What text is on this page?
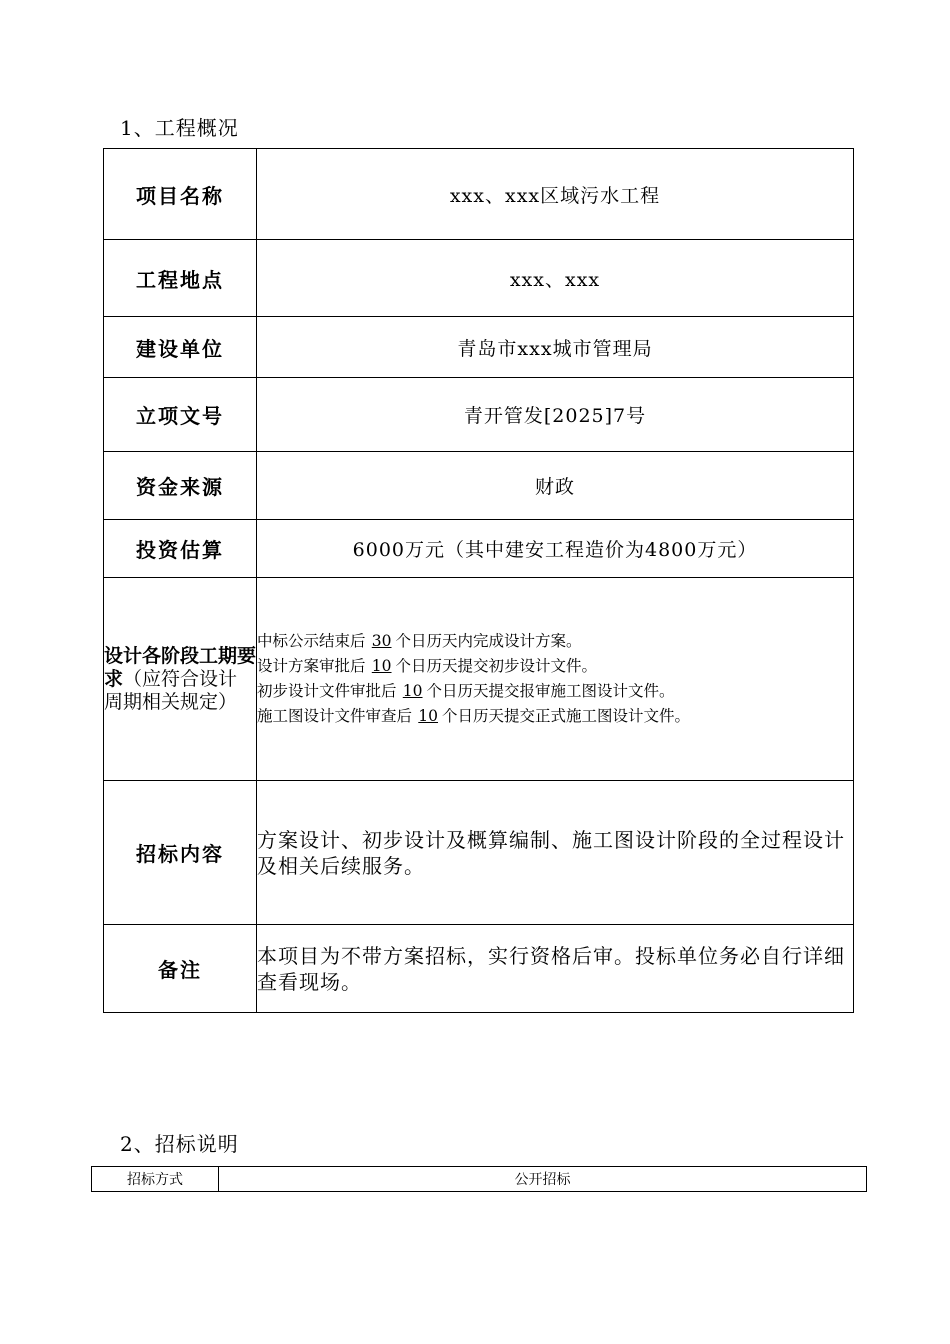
1、工程概况
项目名称	xxx、xxx区域污水工程
工程地点	xxx、xxx
建设单位	青岛市xxx城市管理局
立项文号	青开管发[2025]7号
资金来源	财政
投资估算	6000万元（其中建安工程造价为4800万元）
设计各阶段工期要求（应符合设计周期相关规定）	中标公示结束后 30 个日历天内完成设计方案。
设计方案审批后 10 个日历天提交初步设计文件。
初步设计文件审批后 10 个日历天提交报审施工图设计文件。
施工图设计文件审查后 10 个日历天提交正式施工图设计文件。

招标内容	方案设计、初步设计及概算编制、施工图设计阶段的全过程设计及相关后续服务。
备注	本项目为不带方案招标，实行资格后审。投标单位务必自行详细查看现场。
2、招标说明
招标方式	公开招标
